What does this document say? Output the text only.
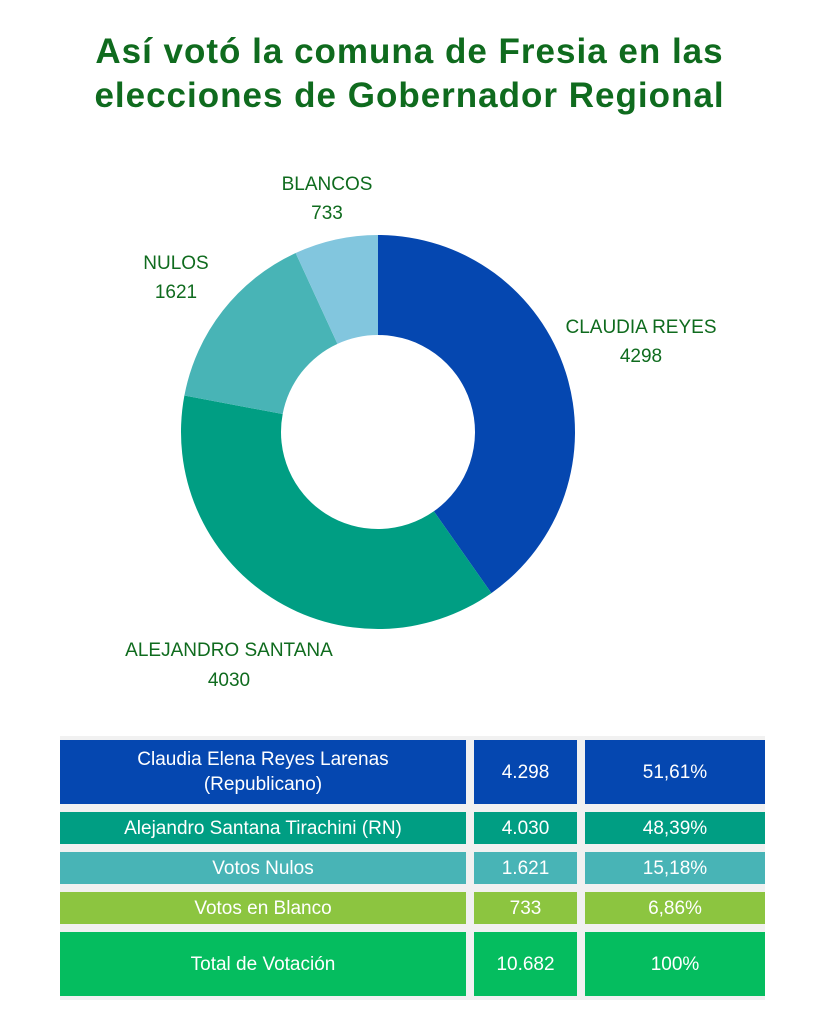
Así votó la comuna de Fresia en las
elecciones de Gobernador Regional
CLAUDIA REYES
4298
ALEJANDRO SANTANA
4030
NULOS
1621
BLANCOS
733
Claudia Elena Reyes Larenas
(Republicano)
4.298	51,61%
Alejandro Santana Tirachini (RN)	4.030	48,39%
Votos Nulos	1.621	15,18%
Votos en Blanco	733	6,86%
Total de Votación	10.682	100%
